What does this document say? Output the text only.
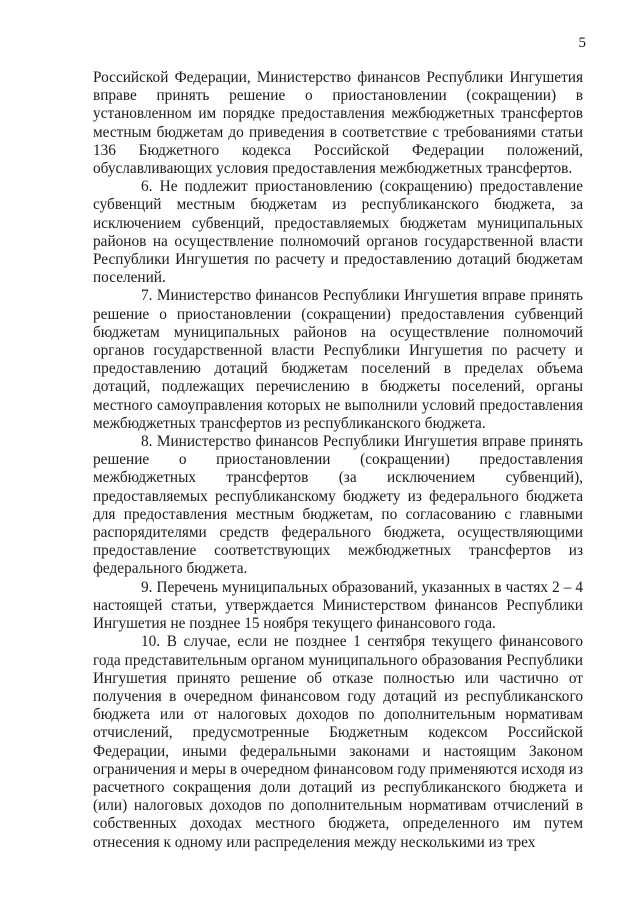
5

Российской Федерации, Министерство финансов Республики Ингушетия вправе принять решение о приостановлении (сокращении) в установленном им порядке предоставления межбюджетных трансфертов местным бюджетам до приведения в соответствие с требованиями статьи 136 Бюджетного кодекса Российской Федерации положений, обуславливающих условия предоставления межбюджетных трансфертов.

6. Не подлежит приостановлению (сокращению) предоставление субвенций местным бюджетам из республиканского бюджета, за исключением субвенций, предоставляемых бюджетам муниципальных районов на осуществление полномочий органов государственной власти Республики Ингушетия по расчету и предоставлению дотаций бюджетам поселений.

7. Министерство финансов Республики Ингушетия вправе принять решение о приостановлении (сокращении) предоставления субвенций бюджетам муниципальных районов на осуществление полномочий органов государственной власти Республики Ингушетия по расчету и предоставлению дотаций бюджетам поселений в пределах объема дотаций, подлежащих перечислению в бюджеты поселений, органы местного самоуправления которых не выполнили условий предоставления межбюджетных трансфертов из республиканского бюджета.

8. Министерство финансов Республики Ингушетия вправе принять решение о приостановлении (сокращении) предоставления межбюджетных трансфертов (за исключением субвенций), предоставляемых республиканскому бюджету из федерального бюджета для предоставления местным бюджетам, по согласованию с главными распорядителями средств федерального бюджета, осуществляющими предоставление соответствующих межбюджетных трансфертов из федерального бюджета.

9. Перечень муниципальных образований, указанных в частях 2 – 4 настоящей статьи, утверждается Министерством финансов Республики Ингушетия не позднее 15 ноября текущего финансового года.

10. В случае, если не позднее 1 сентября текущего финансового года представительным органом муниципального образования Республики Ингушетия принято решение об отказе полностью или частично от получения в очередном финансовом году дотаций из республиканского бюджета или от налоговых доходов по дополнительным нормативам отчислений, предусмотренные Бюджетным кодексом Российской Федерации, иными федеральными законами и настоящим Законом ограничения и меры в очередном финансовом году применяются исходя из расчетного сокращения доли дотаций из республиканского бюджета и (или) налоговых доходов по дополнительным нормативам отчислений в собственных доходах местного бюджета, определенного им путем отнесения к одному или распределения между несколькими из трех
